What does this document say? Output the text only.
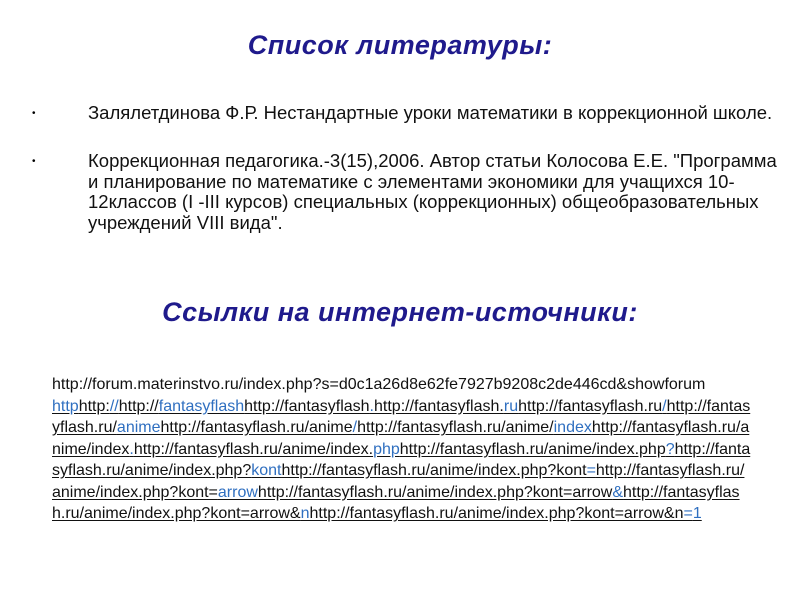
Список литературы:
•	Залялетдинова Ф.Р. Нестандартные уроки математики в коррекционной школе.
•	Коррекционная педагогика.-3(15),2006. Автор статьи Колосова Е.Е. "Программа и планирование по математике с элементами экономики для учащихся 10-12классов (I -III курсов) специальных (коррекционных) общеобразовательных учреждений VIII вида".
Ссылки на интернет-источники:
http://forum.materinstvo.ru/index.php?s=d0c1a26d8e62fe7927b9208c2de446cd&showforum
httphttp://http://fantasyflashhttp://fantasyflash.http://fantasyflash.ruhttp://fantasyflash.ru/http://fantasyflash.ru/animehttp://fantasyflash.ru/anime/http://fantasyflash.ru/anime/indexhttp://fantasyflash.ru/anime/index.http://fantasyflash.ru/anime/index.phphttp://fantasyflash.ru/anime/index.php?http://fantasyflash.ru/anime/index.php?konthttp://fantasyflash.ru/anime/index.php?kont=http://fantasyflash.ru/anime/index.php?kont=arrowhttp://fantasyflash.ru/anime/index.php?kont=arrow&http://fantasyflash.ru/anime/index.php?kont=arrow&nhttp://fantasyflash.ru/anime/index.php?kont=arrow&n=1
